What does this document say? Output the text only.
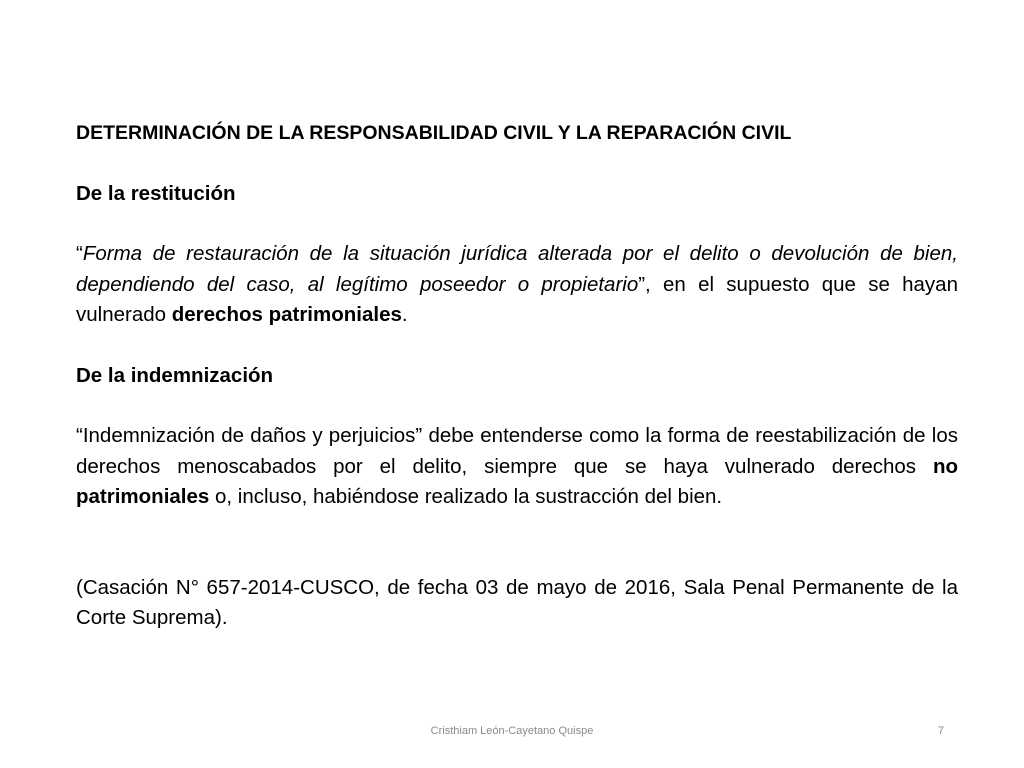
DETERMINACIÓN DE LA RESPONSABILIDAD CIVIL Y LA REPARACIÓN CIVIL
De la restitución
“Forma de restauración de la situación jurídica alterada por el delito o devolución de bien, dependiendo del caso, al legítimo poseedor o propietario”, en el supuesto que se hayan vulnerado derechos patrimoniales.
De la indemnización
“Indemnización de daños y perjuicios” debe entenderse como la forma de reestabilización de los derechos menoscabados por el delito, siempre que se haya vulnerado derechos no patrimoniales o, incluso, habiéndose realizado la sustracción del bien.
(Casación N° 657-2014-CUSCO, de fecha 03 de mayo de 2016, Sala Penal Permanente de la Corte Suprema).
Cristhiam León-Cayetano Quispe	7
